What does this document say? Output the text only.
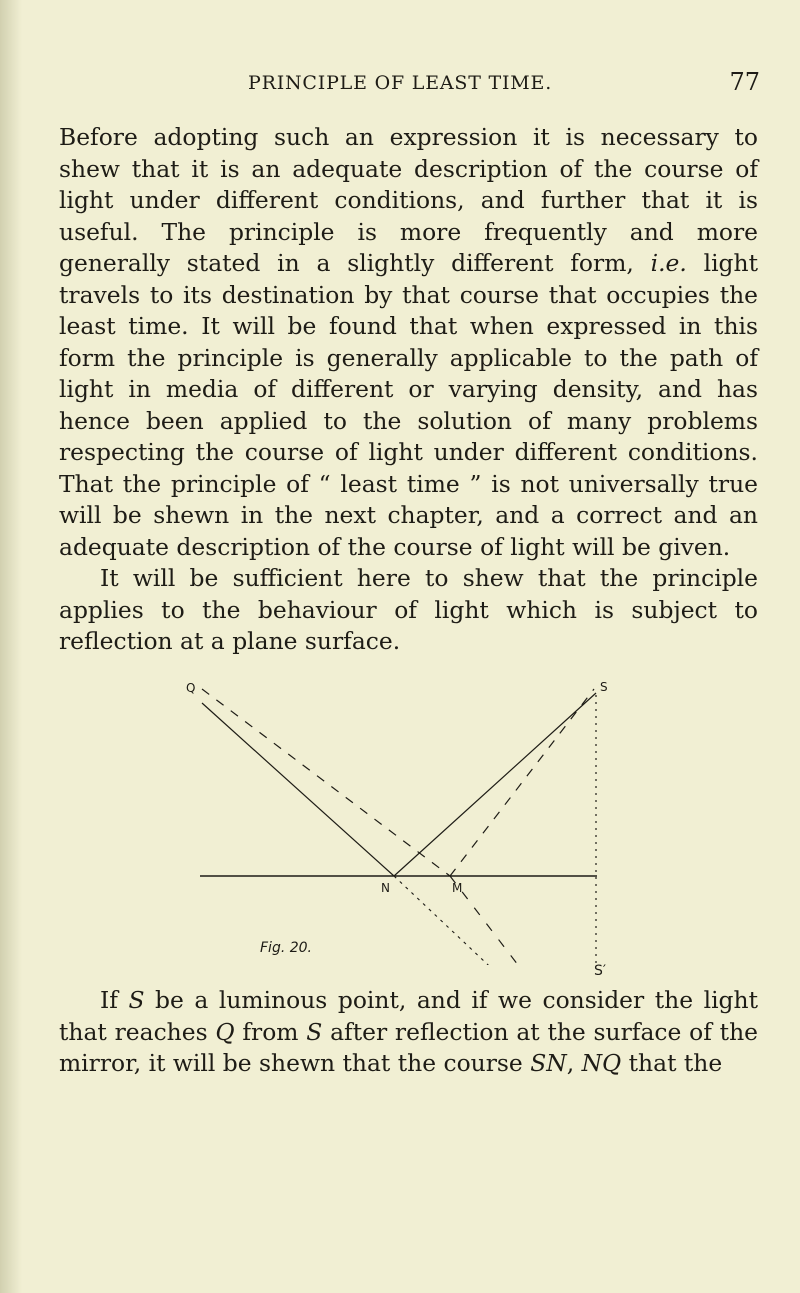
PRINCIPLE OF LEAST TIME.	77

Before adopting such an expression it is necessary to shew that it is an adequate description of the course of light under different conditions, and further that it is useful. The principle is more frequently and more generally stated in a slightly different form, i.e. light travels to its destination by that course that occupies the least time. It will be found that when expressed in this form the principle is generally applicable to the path of light in media of different or varying density, and has hence been applied to the solution of many problems respecting the course of light under different conditions. That the principle of “ least time ” is not universally true will be shewn in the next chapter, and a correct and an adequate description of the course of light will be given.

It will be sufficient here to shew that the principle applies to the behaviour of light which is subject to reflection at a plane surface.

Q	S
N	M
Fig. 20.
S′
If S be a luminous point, and if we consider the light that reaches Q from S after reflection at the surface of the mirror, it will be shewn that the course SN, NQ that the
